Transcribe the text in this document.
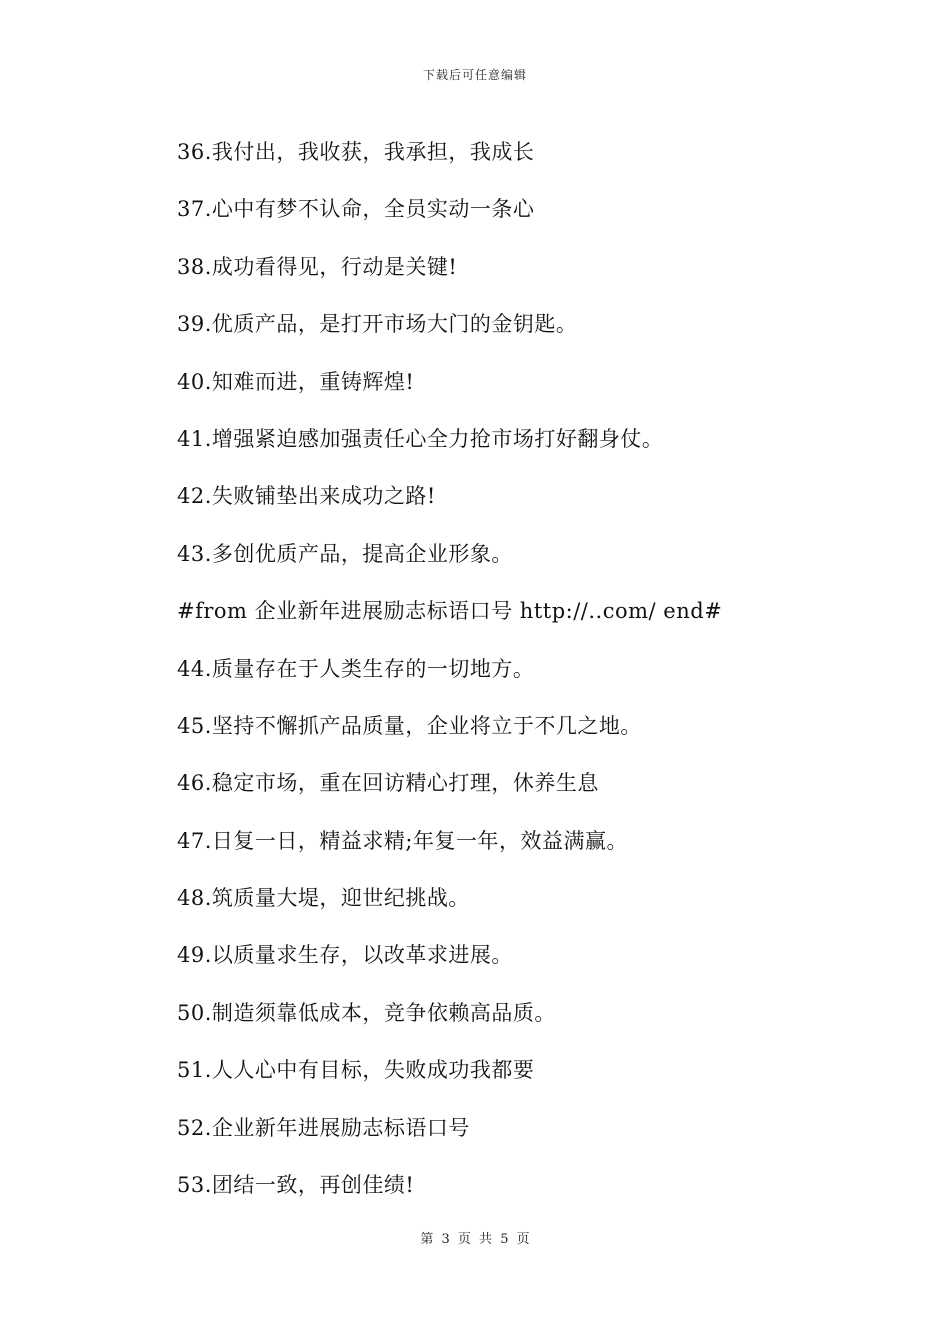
下载后可任意编辑
36.我付出，我收获，我承担，我成长
37.心中有梦不认命，全员实动一条心
38.成功看得见，行动是关键!
39.优质产品，是打开市场大门的金钥匙。
40.知难而进，重铸辉煌!
41.增强紧迫感加强责任心全力抢市场打好翻身仗。
42.失败铺垫出来成功之路!
43.多创优质产品，提高企业形象。
#from 企业新年进展励志标语口号 http://..com/ end#
44.质量存在于人类生存的一切地方。
45.坚持不懈抓产品质量，企业将立于不几之地。
46.稳定市场，重在回访精心打理，休养生息
47.日复一日，精益求精;年复一年，效益满赢。
48.筑质量大堤，迎世纪挑战。
49.以质量求生存，以改革求进展。
50.制造须靠低成本，竞争依赖高品质。
51.人人心中有目标，失败成功我都要
52.企业新年进展励志标语口号
53.团结一致，再创佳绩!
第 3 页 共 5 页
